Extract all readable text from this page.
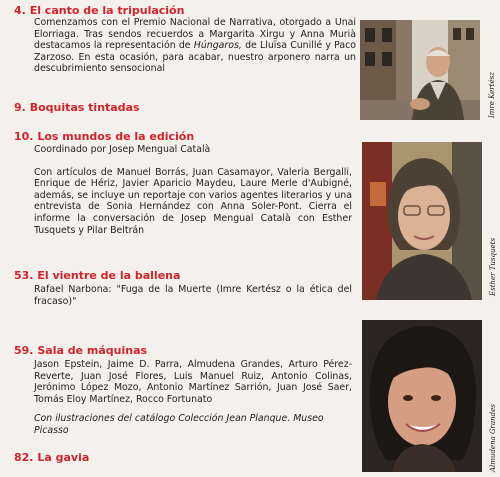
4. El canto de la tripulación

Comenzamos con el Premio Nacional de Narrativa, otorgado a Unai Elorriaga. Tras sendos recuerdos a Margarita Xirgu y Anna Murià destacamos la representación de Húngaros, de Lluïsa Cunillé y Paco Zarzoso. En esta ocasión, para acabar, nuestro arponero narra un descubrimiento sensocional

9. Boquitas tintadas
10. Los mundos de la edición

Coordinado por Josep Mengual Català

Con artículos de Manuel Borrás, Juan Casamayor, Valeria Bergalli, Enrique de Hériz, Javier Aparicio Maydeu, Laure Merle d'Aubigné, además, se incluye un reportaje con varios agentes literarios y una entrevista de Sonia Hernández con Anna Soler-Pont. Cierra el informe la conversación de Josep Mengual Català con Esther Tusquets y Pilar Beltrán

53. El vientre de la ballena

Rafael Narbona: "Fuga de la Muerte (Imre Kertész o la ética del fracaso)"

59. Sala de máquinas

Jason Epstein, Jaime D. Parra, Almudena Grandes, Arturo Pérez-Reverte, Juan José Flores, Luis Manuel Ruiz, Antonio Colinas, Jerónimo López Mozo, Antonio Martínez Sarrión, Juan José Saer, Tomás Eloy Martínez, Rocco Fortunato

Con ilustraciones del catálogo Colección Jean Planque. Museo Picasso

82. La gavia
Imre Kertész
Esther Tusquets
Almudena Grandes
